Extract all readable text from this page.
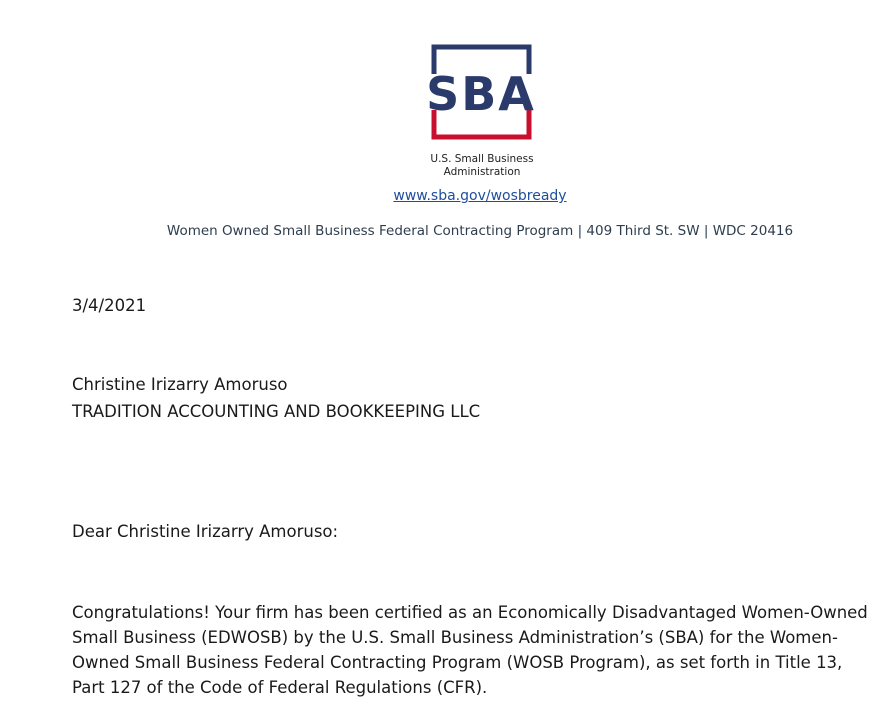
SBA
U.S. Small Business
Administration
www.sba.gov/wosbready
Women Owned Small Business Federal Contracting Program | 409 Third St. SW | WDC 20416
3/4/2021
Christine Irizarry Amoruso
TRADITION ACCOUNTING AND BOOKKEEPING LLC
Dear Christine Irizarry Amoruso:
Congratulations! Your firm has been certified as an Economically Disadvantaged Women-Owned
Small Business (EDWOSB) by the U.S. Small Business Administration’s (SBA) for the Women-
Owned Small Business Federal Contracting Program (WOSB Program), as set forth in Title 13,
Part 127 of the Code of Federal Regulations (CFR).
